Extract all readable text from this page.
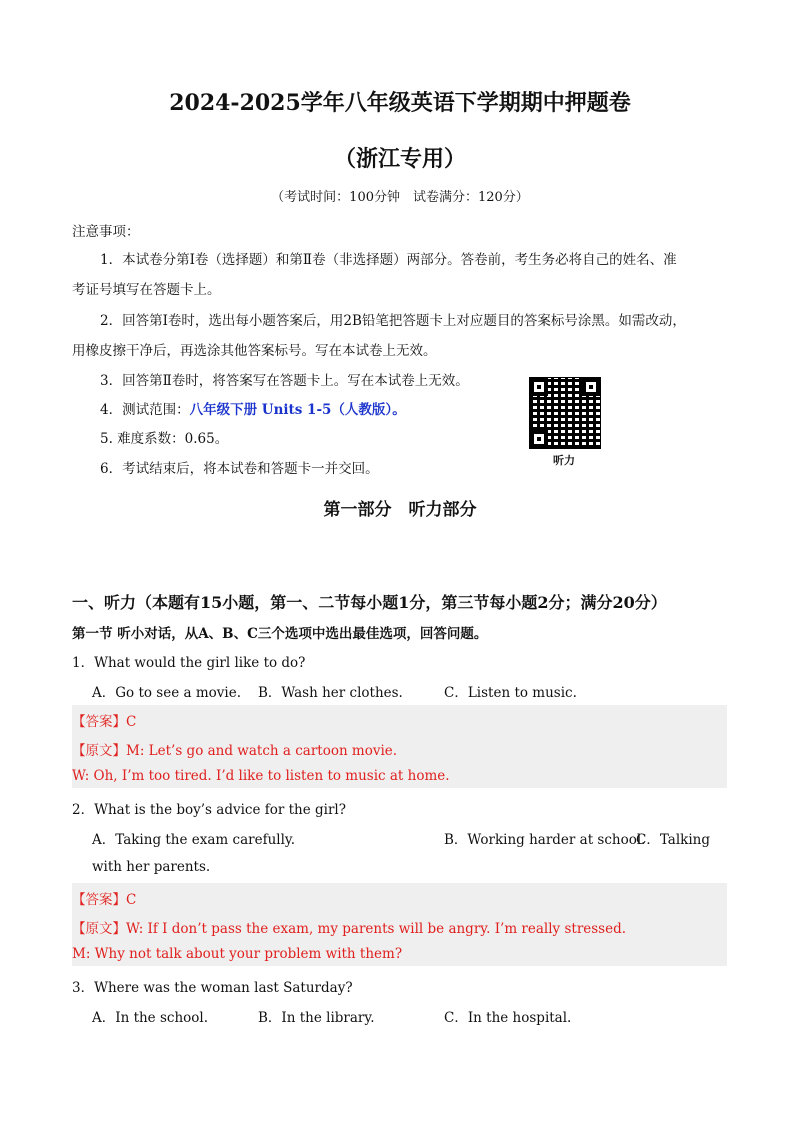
2024-2025学年八年级英语下学期期中押题卷
（浙江专用）
（考试时间：100分钟　试卷满分：120分）
注意事项：
1．本试卷分第Ⅰ卷（选择题）和第Ⅱ卷（非选择题）两部分。答卷前，考生务必将自己的姓名、准
考证号填写在答题卡上。
2．回答第Ⅰ卷时，选出每小题答案后，用2B铅笔把答题卡上对应题目的答案标号涂黑。如需改动，
用橡皮擦干净后，再选涂其他答案标号。写在本试卷上无效。
3．回答第Ⅱ卷时，将答案写在答题卡上。写在本试卷上无效。
4．测试范围：八年级下册 Units 1-5（人教版）。
5. 难度系数：0.65。
6．考试结束后，将本试卷和答题卡一并交回。
听力
第一部分　听力部分
一、听力（本题有15小题，第一、二节每小题1分，第三节每小题2分；满分20分）
第一节 听小对话，从A、B、C三个选项中选出最佳选项，回答问题。
1．What would the girl like to do?
A．Go to see a movie. B．Wash her clothes.	C．Listen to music.
【答案】C
【原文】M: Let’s go and watch a cartoon movie.
W: Oh, I’m too tired. I’d like to listen to music at home.
2．What is the boy’s advice for the girl?
A．Taking the exam carefully.	B．Working harder at school.
C．Talking
with her parents.
【答案】C
【原文】W: If I don’t pass the exam, my parents will be angry. I’m really stressed.
M: Why not talk about your problem with them?
3．Where was the woman last Saturday?
A．In the school.	B．In the library.	C．In the hospital.
